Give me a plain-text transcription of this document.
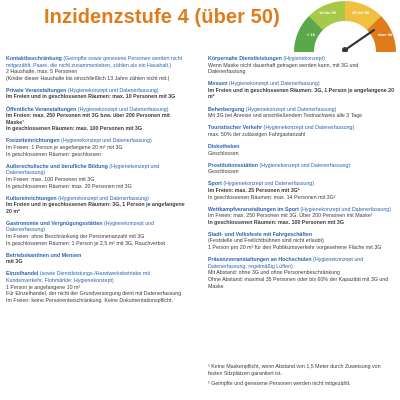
Inzidenzstufe 4 (über 50)
< 10
10 bis 35	35 bis 50
über 50
Kontaktbeschränkung (Geimpfte sowie genesene Personen werden nicht mitgezählt. Paare, die nicht zusammenleben, zählen als ein Haushalt.)
2 Haushalte, max. 5 Personen
(Kinder dieser Haushalte bis einschließlich 13 Jahre zählen nicht mit.)
Private Veranstaltungen (Hygienekonzept und Datenerfassung)
Im Freien und in geschlossenen Räumen: max. 10 Personen mit 3G
Öffentliche Veranstaltungen (Hygienekonzept und Datenerfassung)
Im Freien: max. 250 Personen mit 3G bzw. über 200 Personen mit Maske¹
In geschlossenen Räumen: max. 100 Personen mit 3G
Freizeiteinrichtungen (Hygienekonzept und Datenerfassung)
Im Freien: 1 Person je angefangene 20 m² mit 3G
In geschlossenen Räumen: geschlossen
Außerschulische und berufliche Bildung (Hygienekonzept und Datenerfassung)
Im Freien: max. 100 Personen mit 3G
In geschlossenen Räumen: max. 20 Personen mit 3G
Kultureinrichtungen (Hygienekonzept und Datenerfassung)
Im Freien und in geschlossenen Räumen: 3G, 1 Person je angefangene 20 m²
Gastronomie und Vergnügungsstätten (Hygienekonzept und Datenerfassung)
Im Freien: ohne Beschränkung der Personenanzahl mit 3G
In geschlossenen Räumen: 1 Person je 2,5 m² mit 3G, Rauchverbot
Betriebskantinen und Mensen
mit 3G
Einzelhandel (sowie Dienstleistungs-/Handwerksbetriebe mit Kundenverkehr, Flohmärkte: Hygienekonzept)
1 Person je angefangene 10 m²
Für Einzelhandel, der nicht der Grundversorgung dient mit Datenerfassung
Im Freien: keine Personenbeschränkung. Keine Dokumentationspflicht.
Körpernahe Dienstleistungen (Hygienekonzept)
Wenn Maske nicht dauerhaft getragen werden kann, mit 3G und Datenerfassung
Messen (Hygienekonzept und Datenerfassung)
Im Freien und in geschlossenen Räumen: 3G, 1 Person je angefangene 20 m²
Beherbergung (Hygienekonzept und Datenerfassung)
Mit 3G bei Anreise und anschließendem Testnachweis alle 3 Tage
Touristischer Verkehr (Hygienekonzept und Datenerfassung)
max. 50% der zulässigen Fahrgastanzahl
Diskotheken
Geschlossen
Prostitutionsstätten (Hygienekonzept und Datenerfassung)
Geschlossen
Sport (Hygienekonzept und Datenerfassung)
Im Freien: max. 25 Personen mit 3G²
In geschlossenen Räumen: max. 14 Personen mit 3G²
Wettkampfveranstaltungen im Sport (Hygienekonzept und Datenerfassung)
Im Freien: max. 250 Personen mit 3G. Über 200 Personen mit Maske¹
In geschlossenen Räumen: max. 100 Personen mit 3G
Stadt- und Volksfeste mit Fahrgeschäften
(Feststelle und Freilichtbühnen sind nicht erlaubt)
1 Person pro 20 m² für den Publikumsverkehr vorgesehene Fläche mit 3G
Präsenzveranstaltungen an Hochschulen (Hygienekonzept und Datenerfassung, regelmäßig Lüften)
Mit Abstand: ohne 3G und ohne Personenbeschränkung
Ohne Abstand: maximal 35 Personen oder bis 60% der Kapazität mit 3G und Maske
¹ Keine Maskenpflicht, wenn Abstand von 1,5 Meter durch Zuweisung von festen Sitzplätzen garantiert ist.
² Geimpfte und genesene Personen werden nicht mitgezählt.
